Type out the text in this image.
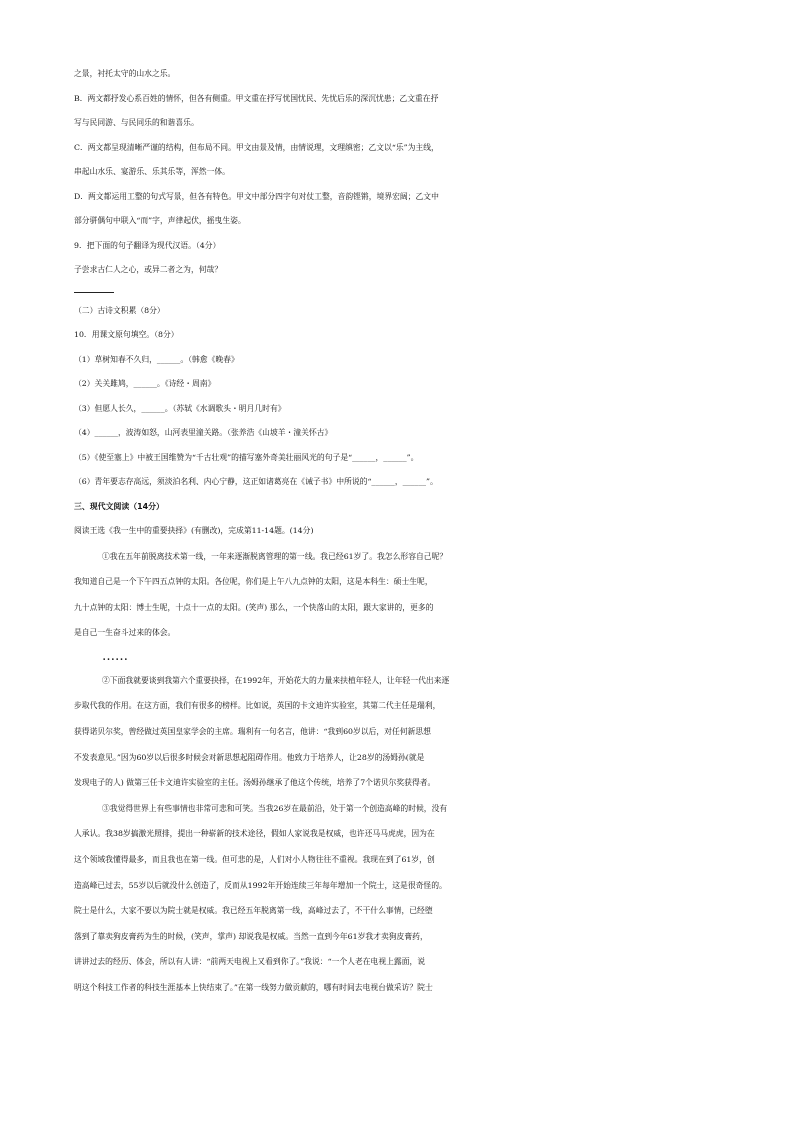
之景，衬托太守的山水之乐。
B．两文都抒发心系百姓的情怀，但各有侧重。甲文重在抒写忧国忧民、先忧后乐的深沉忧患；乙文重在抒
写与民同游、与民同乐的和谐喜乐。
C．两文都呈现清晰严谨的结构，但布局不同。甲文由景及情，由情说理，文理缜密；乙文以“乐”为主线，
串起山水乐、宴游乐、乐其乐等，浑然一体。
D．两文都运用工整的句式写景，但各有特色。甲文中部分四字句对仗工整，音韵铿锵，境界宏阔；乙文中
部分骈偶句中联入“而”字，声律起伏，摇曳生姿。
9．把下面的句子翻译为现代汉语。（4分）
子尝求古仁人之心，或异二者之为，何哉？
（二）古诗文积累（8分）
10．用课文原句填空。（8分）
（1）草树知春不久归，______。（韩愈《晚春》
（2）关关雎鸠，______。《诗经・周南》
（3）但愿人长久，______。（苏轼《水调歌头・明月几时有》
（4）______，波涛如怒，山河表里潼关路。（张养浩《山坡羊・潼关怀古》
（5）《使至塞上》中被王国维赞为“千古壮观”的描写塞外奇美壮丽风光的句子是“______，______”。
（6）青年要志存高远，须淡泊名利、内心宁静，这正如诸葛亮在《诫子书》中所说的“______，______”。
三、现代文阅读（14分）
阅读王选《我一生中的重要抉择》(有删改)，完成第11-14题。(14分)
①我在五年前脱离技术第一线，一年来逐渐脱离管理的第一线。我已经61岁了。我怎么形容自己呢？
我知道自己是一个下午四五点钟的太阳。各位呢，你们是上午八九点钟的太阳，这是本科生：硕士生呢，
九十点钟的太阳：博士生呢，十点十一点的太阳。(笑声) 那么，一个快落山的太阳，跟大家讲的，更多的
是自己一生奋斗过来的体会。
……
②下面我就要谈到我第六个重要抉择，在1992年，开始花大的力量来扶植年轻人，让年轻一代出来逐
步取代我的作用。在这方面，我们有很多的榜样。比如说，英国的卡文迪许实验室，其第二代主任是瑞利，
获得诺贝尔奖，曾经做过英国皇家学会的主席。瑞利有一句名言，他讲：“我到60岁以后，对任何新思想
不发表意见。”因为60岁以后很多时候会对新思想起阻碍作用。他致力于培养人，让28岁的汤姆孙(就是
发现电子的人) 做第三任卡文迪许实验室的主任。汤姆孙继承了他这个传统，培养了7个诺贝尔奖获得者。
③我觉得世界上有些事情也非常可悲和可笑。当我26岁在最前沿，处于第一个创造高峰的时候，没有
人承认。我38岁搞激光照排，提出一种崭新的技术途径，假如人家说我是权威，也许还马马虎虎，因为在
这个领域我懂得最多，而且我也在第一线。但可悲的是，人们对小人物往往不重视。我现在到了61岁，创
造高峰已过去，55岁以后就没什么创造了，反而从1992年开始连续三年每年增加一个院士，这是很奇怪的。
院士是什么，大家不要以为院士就是权威。我已经五年脱离第一线，高峰过去了，不干什么事情，已经堕
落到了靠卖狗皮膏药为生的时候，(笑声，掌声) 却说我是权威。当然一直到今年61岁我才卖狗皮膏药，
讲讲过去的经历、体会，所以有人讲：“前两天电视上又看到你了。”我说：“一个人老在电视上露面，说
明这个科技工作者的科技生涯基本上快结束了。”在第一线努力做贡献的，哪有时间去电视台做采访？院士
